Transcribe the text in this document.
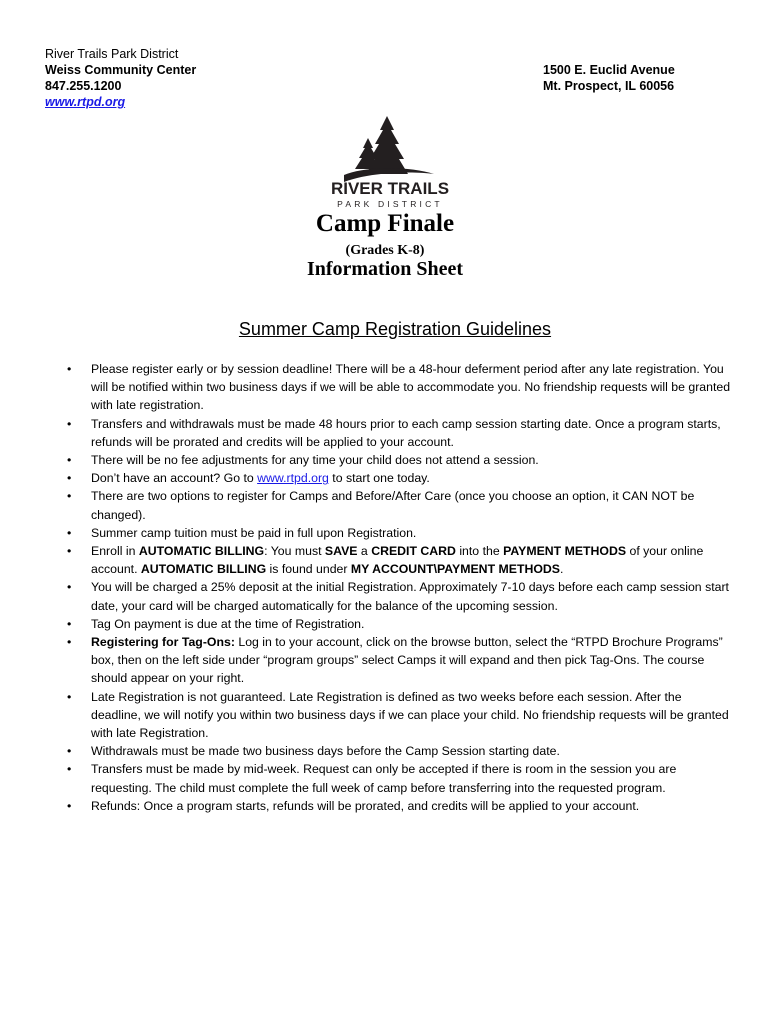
River Trails Park District
Weiss Community Center
847.255.1200
www.rtpd.org
1500 E. Euclid Avenue
Mt. Prospect, IL 60056
RIVER TRAILS
PARK DISTRICT
Camp Finale
(Grades K-8)
Information Sheet
Summer Camp Registration Guidelines
• Please register early or by session deadline! There will be a 48-hour deferment period after any late registration. You will be notified within two business days if we will be able to accommodate you. No friendship requests will be granted with late registration.
• Transfers and withdrawals must be made 48 hours prior to each camp session starting date. Once a program starts, refunds will be prorated and credits will be applied to your account.
• There will be no fee adjustments for any time your child does not attend a session.
• Don’t have an account? Go to www.rtpd.org to start one today.
• There are two options to register for Camps and Before/After Care (once you choose an option, it CAN NOT be changed).
• Summer camp tuition must be paid in full upon Registration.
• Enroll in AUTOMATIC BILLING: You must SAVE a CREDIT CARD into the PAYMENT METHODS of your online account. AUTOMATIC BILLING is found under MY ACCOUNT\PAYMENT METHODS.
• You will be charged a 25% deposit at the initial Registration. Approximately 7-10 days before each camp session start date, your card will be charged automatically for the balance of the upcoming session.
• Tag On payment is due at the time of Registration.
• Registering for Tag-Ons: Log in to your account, click on the browse button, select the “RTPD Brochure Programs” box, then on the left side under “program groups” select Camps it will expand and then pick Tag-Ons. The course should appear on your right.
• Late Registration is not guaranteed. Late Registration is defined as two weeks before each session. After the deadline, we will notify you within two business days if we can place your child. No friendship requests will be granted with late Registration.
• Withdrawals must be made two business days before the Camp Session starting date.
• Transfers must be made by mid-week. Request can only be accepted if there is room in the session you are requesting. The child must complete the full week of camp before transferring into the requested program.
• Refunds: Once a program starts, refunds will be prorated, and credits will be applied to your account.
